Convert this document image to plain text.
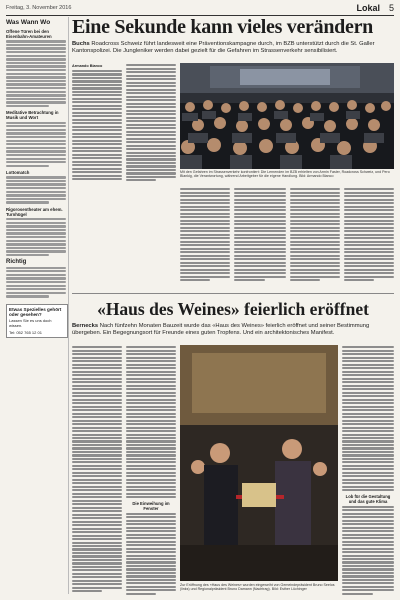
Freitag, 3. November 2016	Lokal 5
Was Wann Wo
Offene Türen bei den Eisenbahn-Amateuren
Meditative Betrachtung in Musik und Wort
Lottomatch
Rigorosentheater am ehem. Turnhügel
Richtig
Etwas Spezielles gehört oder gesehen?
Lassen Sie es uns doch wissen.
Tel: 052 765 12 01
Eine Sekunde kann vieles verändern
Buchs Roadcross Schweiz führt landesweit eine Präventionskampagne durch, im BZB unterstützt durch die St. Galler Kantonspolizei. Die Jungleniker werden dabei gezielt für die Gefahren im Strassenverkehr sensibilisiert.
Armando Bianco
Mit den Gefahren im Strassenverkehr konfrontiert: Die Lernenden im BZB erhielten von Armin Fasler, Roadcross Schweiz, und Pero Blankig, die Verantwortung, während Arbeitgeber für die eigene Handlung. Bild: Armando Bianco
«Haus des Weines» feierlich eröffnet
Bernecks Nach fünfzehn Monaten Bauzeit wurde das «Haus des Weines» feierlich eröffnet und seiner Bestimmung übergeben. Ein Begegnungsort für Freunde eines guten Tropfens. Und ein architektonisches Manifest.
Die Einweihung im Fenster
Zur Eröffnung des «Haus des Weines» wurden eingeweiht von Gemeindepräsident Bruno Seelos (links) und Regionalpräsident Bruno Damann (Nachtrag). Bild: Esther Lüchinger
Lob für die Gestaltung und das gute Klima
